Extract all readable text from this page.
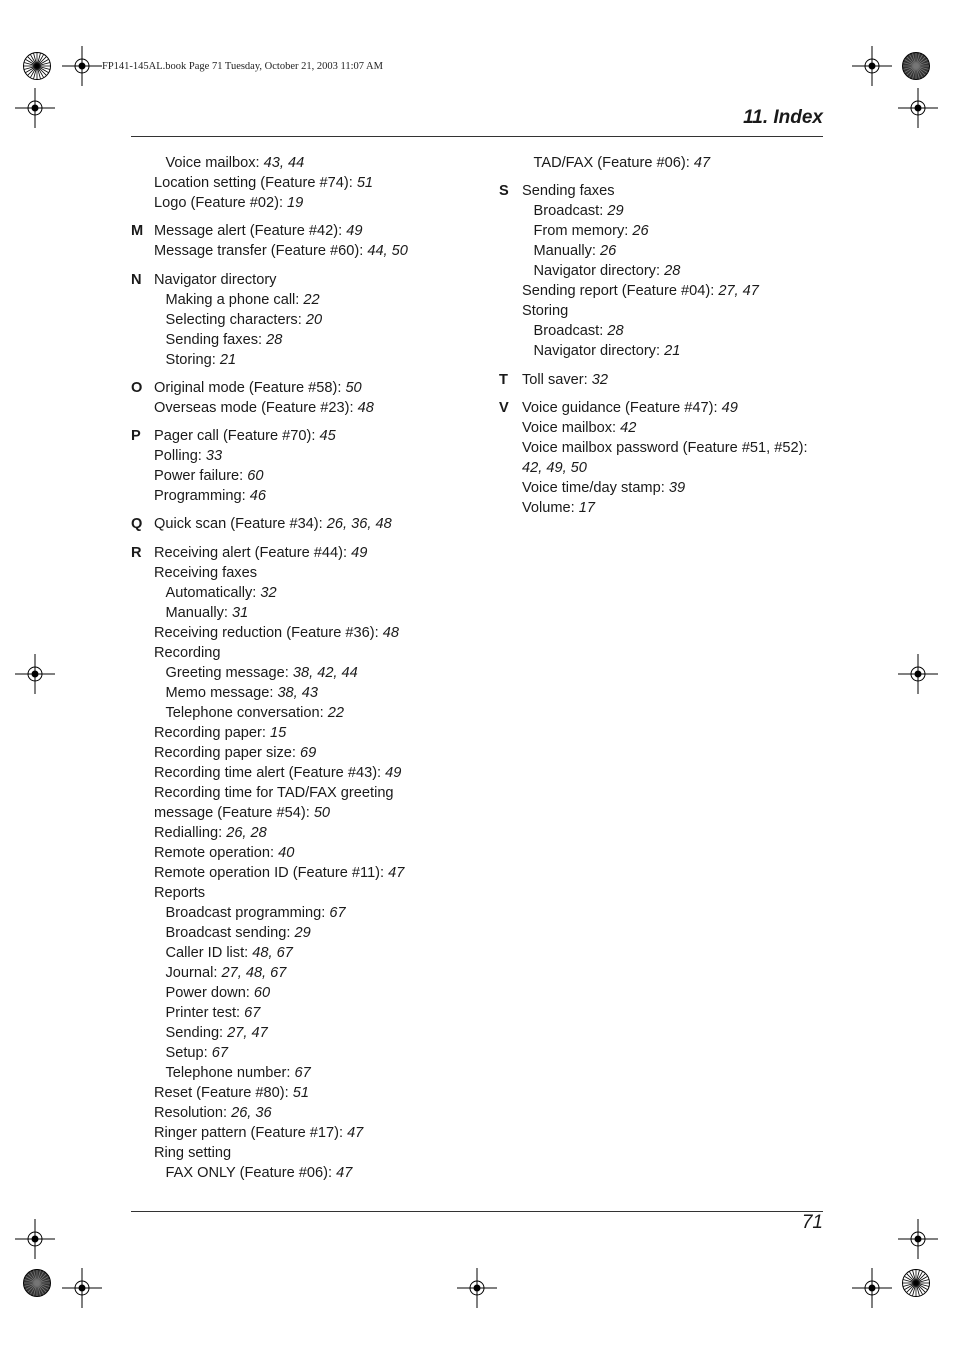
FP141-145AL.book Page 71 Tuesday, October 21, 2003 11:07 AM
11. Index
Voice mailbox: 43, 44
Location setting (Feature #74): 51
Logo (Feature #02): 19
M Message alert (Feature #42): 49
Message transfer (Feature #60): 44, 50
N Navigator directory
Making a phone call: 22
Selecting characters: 20
Sending faxes: 28
Storing: 21
O Original mode (Feature #58): 50
Overseas mode (Feature #23): 48
P Pager call (Feature #70): 45
Polling: 33
Power failure: 60
Programming: 46
Q Quick scan (Feature #34): 26, 36, 48
R Receiving alert (Feature #44): 49
Receiving faxes
Automatically: 32
Manually: 31
Receiving reduction (Feature #36): 48
Recording
Greeting message: 38, 42, 44
Memo message: 38, 43
Telephone conversation: 22
Recording paper: 15
Recording paper size: 69
Recording time alert (Feature #43): 49
Recording time for TAD/FAX greeting
message (Feature #54): 50
Redialling: 26, 28
Remote operation: 40
Remote operation ID (Feature #11): 47
Reports
Broadcast programming: 67
Broadcast sending: 29
Caller ID list: 48, 67
Journal: 27, 48, 67
Power down: 60
Printer test: 67
Sending: 27, 47
Setup: 67
Telephone number: 67
Reset (Feature #80): 51
Resolution: 26, 36
Ringer pattern (Feature #17): 47
Ring setting
FAX ONLY (Feature #06): 47
TAD/FAX (Feature #06): 47
S Sending faxes
Broadcast: 29
From memory: 26
Manually: 26
Navigator directory: 28
Sending report (Feature #04): 27, 47
Storing
Broadcast: 28
Navigator directory: 21
T Toll saver: 32
V Voice guidance (Feature #47): 49
Voice mailbox: 42
Voice mailbox password (Feature #51, #52):
42, 49, 50
Voice time/day stamp: 39
Volume: 17
71
